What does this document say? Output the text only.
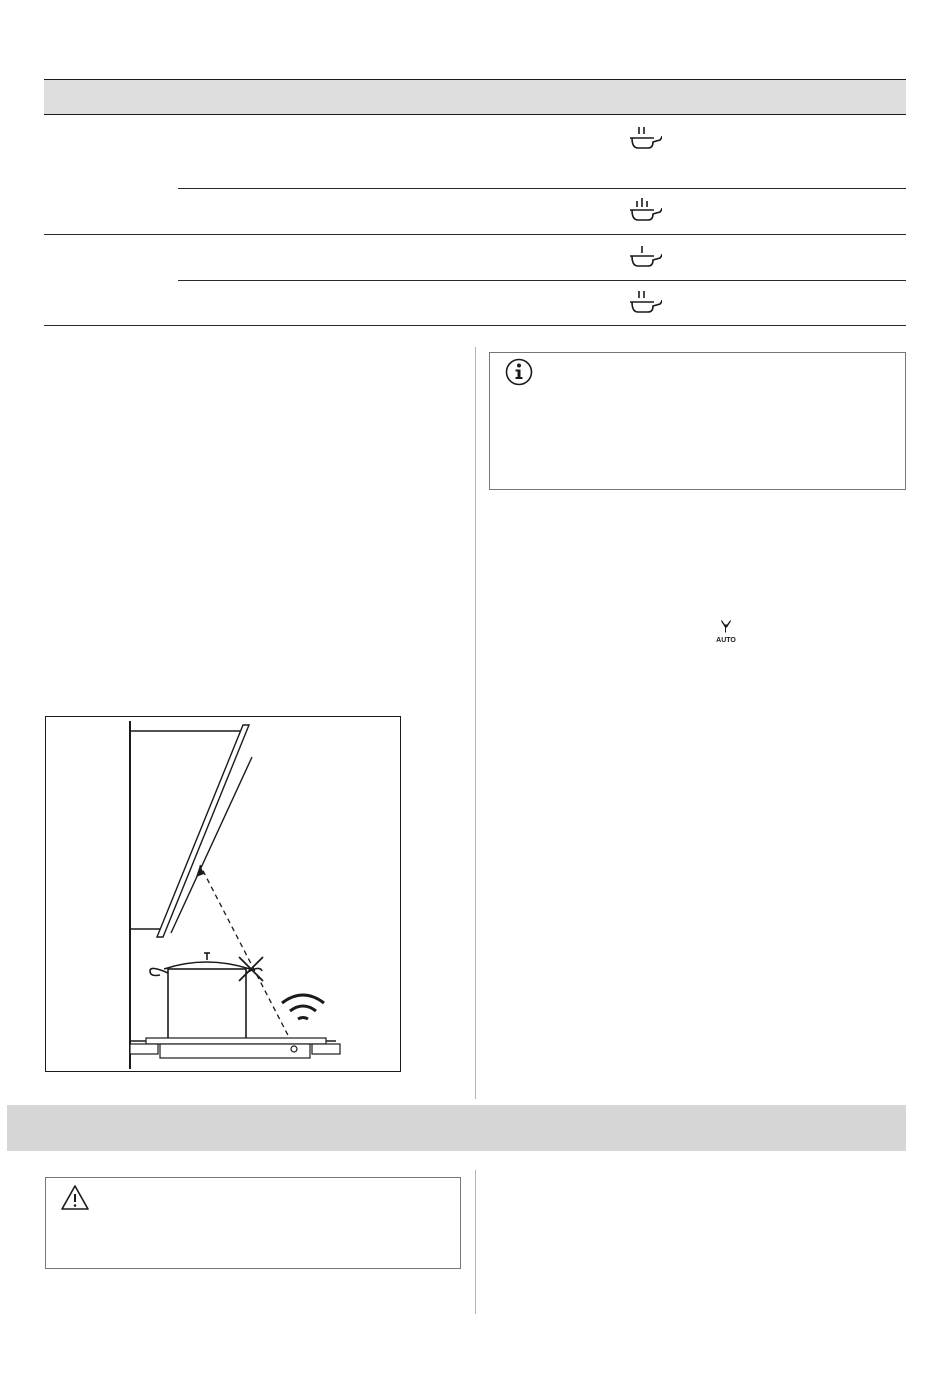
AUTO
